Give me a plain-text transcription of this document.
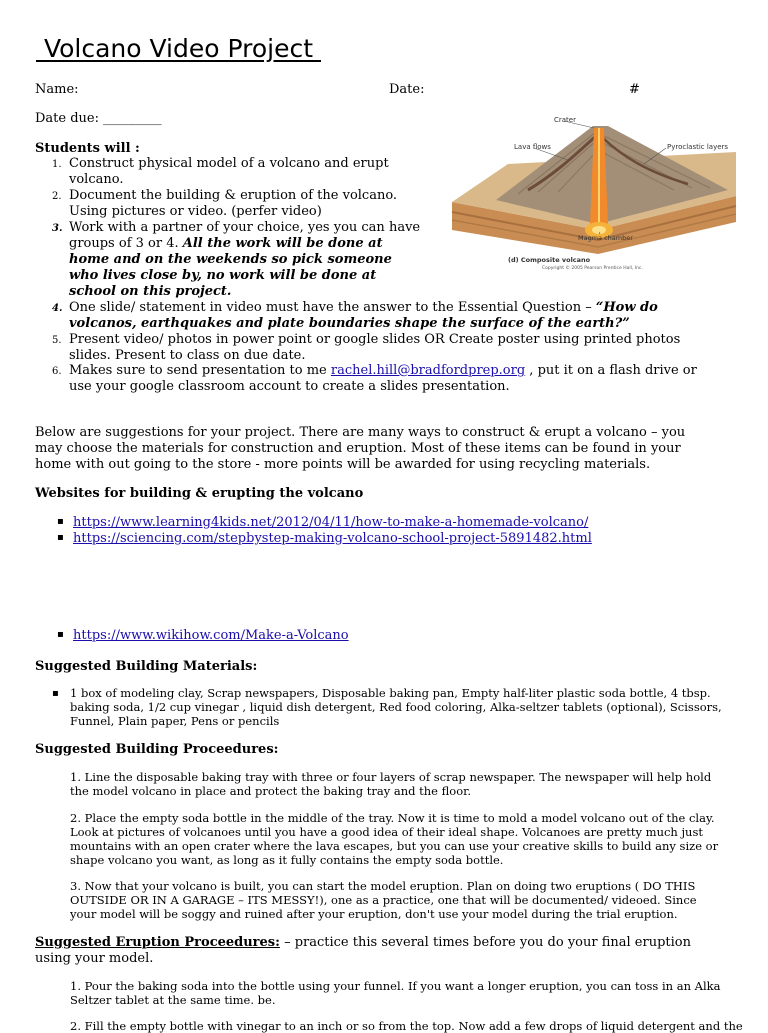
Volcano Video Project
Name:	Date:	#
Date due: _________
Students will :
1. Construct physical model of a volcano and erupt
volcano.
2. Document the building & eruption of the volcano.
Using pictures or video. (perfer video)
3. Work with a partner of your choice, yes you can have
groups of 3 or 4. All the work will be done at
home and on the weekends so pick someone
who lives close by, no work will be done at
school on this project.
4. One slide/ statement in video must have the answer to the Essential Question – “How do
volcanos, earthquakes and plate boundaries shape the surface of the earth?”
5. Present video/ photos in power point or google slides OR Create poster using printed photos
slides. Present to class on due date.
6. Makes sure to send presentation to me rachel.hill@bradfordprep.org , put it on a flash drive or
use your google classroom account to create a slides presentation.
Crater
Lava flows	Pyroclastic layers
Magma chamber
(d) Composite volcano
Copyright © 2005 Pearson Prentice Hall, Inc.
Below are suggestions for your project. There are many ways to construct & erupt a volcano – you
may choose the materials for construction and eruption. Most of these items can be found in your
home with out going to the store - more points will be awarded for using recycling materials.
Websites for building & erupting the volcano
▪ https://www.learning4kids.net/2012/04/11/how-to-make-a-homemade-volcano/
▪ https://sciencing.com/stepbystep-making-volcano-school-project-5891482.html
▪ https://www.wikihow.com/Make-a-Volcano
Suggested Building Materials:
▪ 1 box of modeling clay, Scrap newspapers, Disposable baking pan, Empty half-liter plastic soda bottle, 4 tbsp.
baking soda, 1/2 cup vinegar , liquid dish detergent, Red food coloring, Alka-seltzer tablets (optional), Scissors,
Funnel, Plain paper, Pens or pencils
Suggested Building Proceedures:
1. Line the disposable baking tray with three or four layers of scrap newspaper. The newspaper will help hold
the model volcano in place and protect the baking tray and the floor.
2. Place the empty soda bottle in the middle of the tray. Now it is time to mold a model volcano out of the clay.
Look at pictures of volcanoes until you have a good idea of their ideal shape. Volcanoes are pretty much just
mountains with an open crater where the lava escapes, but you can use your creative skills to build any size or
shape volcano you want, as long as it fully contains the empty soda bottle.
3. Now that your volcano is built, you can start the model eruption. Plan on doing two eruptions ( DO THIS
OUTSIDE OR IN A GARAGE – ITS MESSY!), one as a practice, one that will be documented/ videoed. Since
your model will be soggy and ruined after your eruption, don't use your model during the trial eruption.
Suggested Eruption Proceedures: – practice this several times before you do your final eruption
using your model.
1. Pour the baking soda into the bottle using your funnel. If you want a longer eruption, you can toss in an Alka
Seltzer tablet at the same time. be.
2. Fill the empty bottle with vinegar to an inch or so from the top. Now add a few drops of liquid detergent and the
